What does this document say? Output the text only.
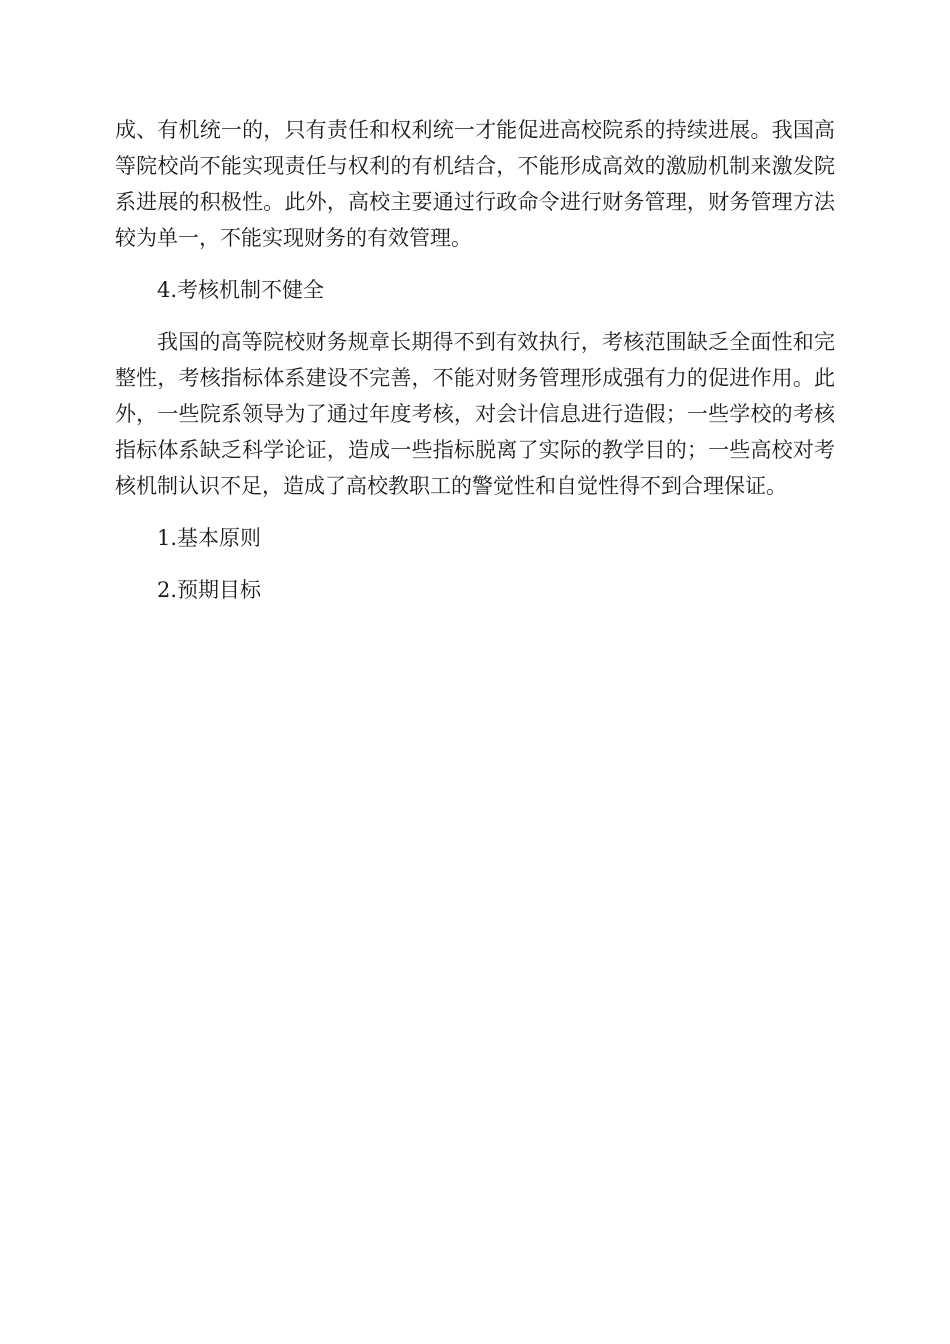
成、有机统一的，只有责任和权利统一才能促进高校院系的持续进展。我国高等院校尚不能实现责任与权利的有机结合，不能形成高效的激励机制来激发院系进展的积极性。此外，高校主要通过行政命令进行财务管理，财务管理方法较为单一，不能实现财务的有效管理。

4.考核机制不健全

我国的高等院校财务规章长期得不到有效执行，考核范围缺乏全面性和完整性，考核指标体系建设不完善，不能对财务管理形成强有力的促进作用。此外，一些院系领导为了通过年度考核，对会计信息进行造假；一些学校的考核指标体系缺乏科学论证，造成一些指标脱离了实际的教学目的；一些高校对考核机制认识不足，造成了高校教职工的警觉性和自觉性得不到合理保证。

1.基本原则

2.预期目标
